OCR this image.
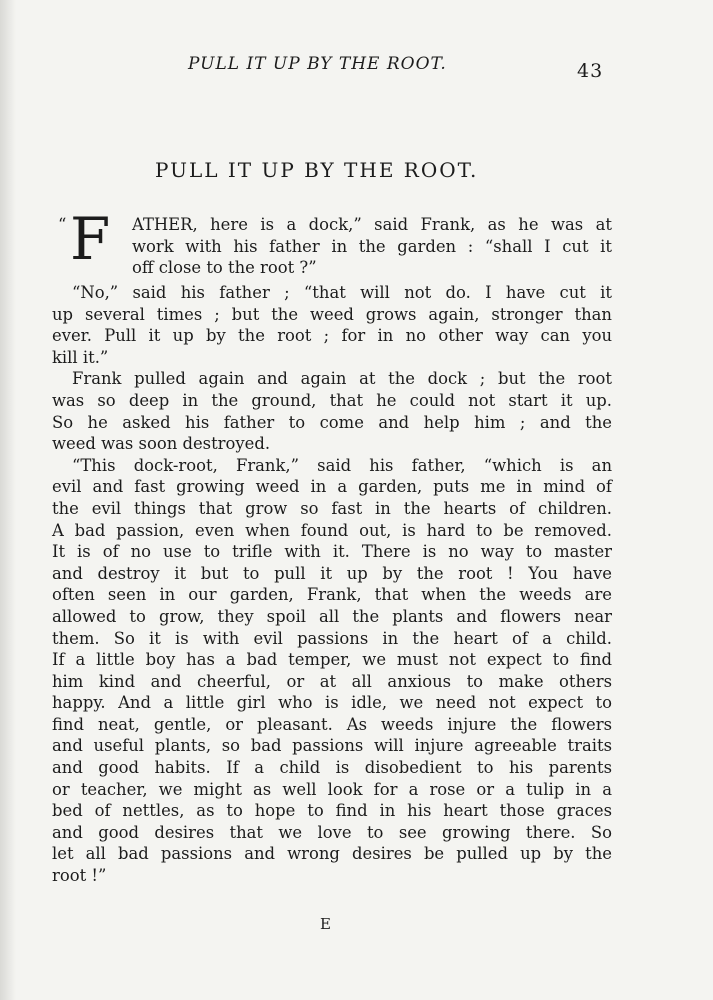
PULL IT UP BY THE ROOT.	43
PULL IT UP BY THE ROOT.
“ F ATHER, here is a dock,” said Frank, as he was at
work with his father in the garden : “shall I cut it
off close to the root ?”
“No,” said his father ; “that will not do. I have cut it
up several times ; but the weed grows again, stronger than
ever. Pull it up by the root ; for in no other way can you
kill it.”
Frank pulled again and again at the dock ; but the root
was so deep in the ground, that he could not start it up.
So he asked his father to come and help him ; and the
weed was soon destroyed.
“This dock-root, Frank,” said his father, “which is an
evil and fast growing weed in a garden, puts me in mind of
the evil things that grow so fast in the hearts of children.
A bad passion, even when found out, is hard to be removed.
It is of no use to trifle with it. There is no way to master
and destroy it but to pull it up by the root ! You have
often seen in our garden, Frank, that when the weeds are
allowed to grow, they spoil all the plants and flowers near
them. So it is with evil passions in the heart of a child.
If a little boy has a bad temper, we must not expect to find
him kind and cheerful, or at all anxious to make others
happy. And a little girl who is idle, we need not expect to
find neat, gentle, or pleasant. As weeds injure the flowers
and useful plants, so bad passions will injure agreeable traits
and good habits. If a child is disobedient to his parents
or teacher, we might as well look for a rose or a tulip in a
bed of nettles, as to hope to find in his heart those graces
and good desires that we love to see growing there. So
let all bad passions and wrong desires be pulled up by the
root !”
E
